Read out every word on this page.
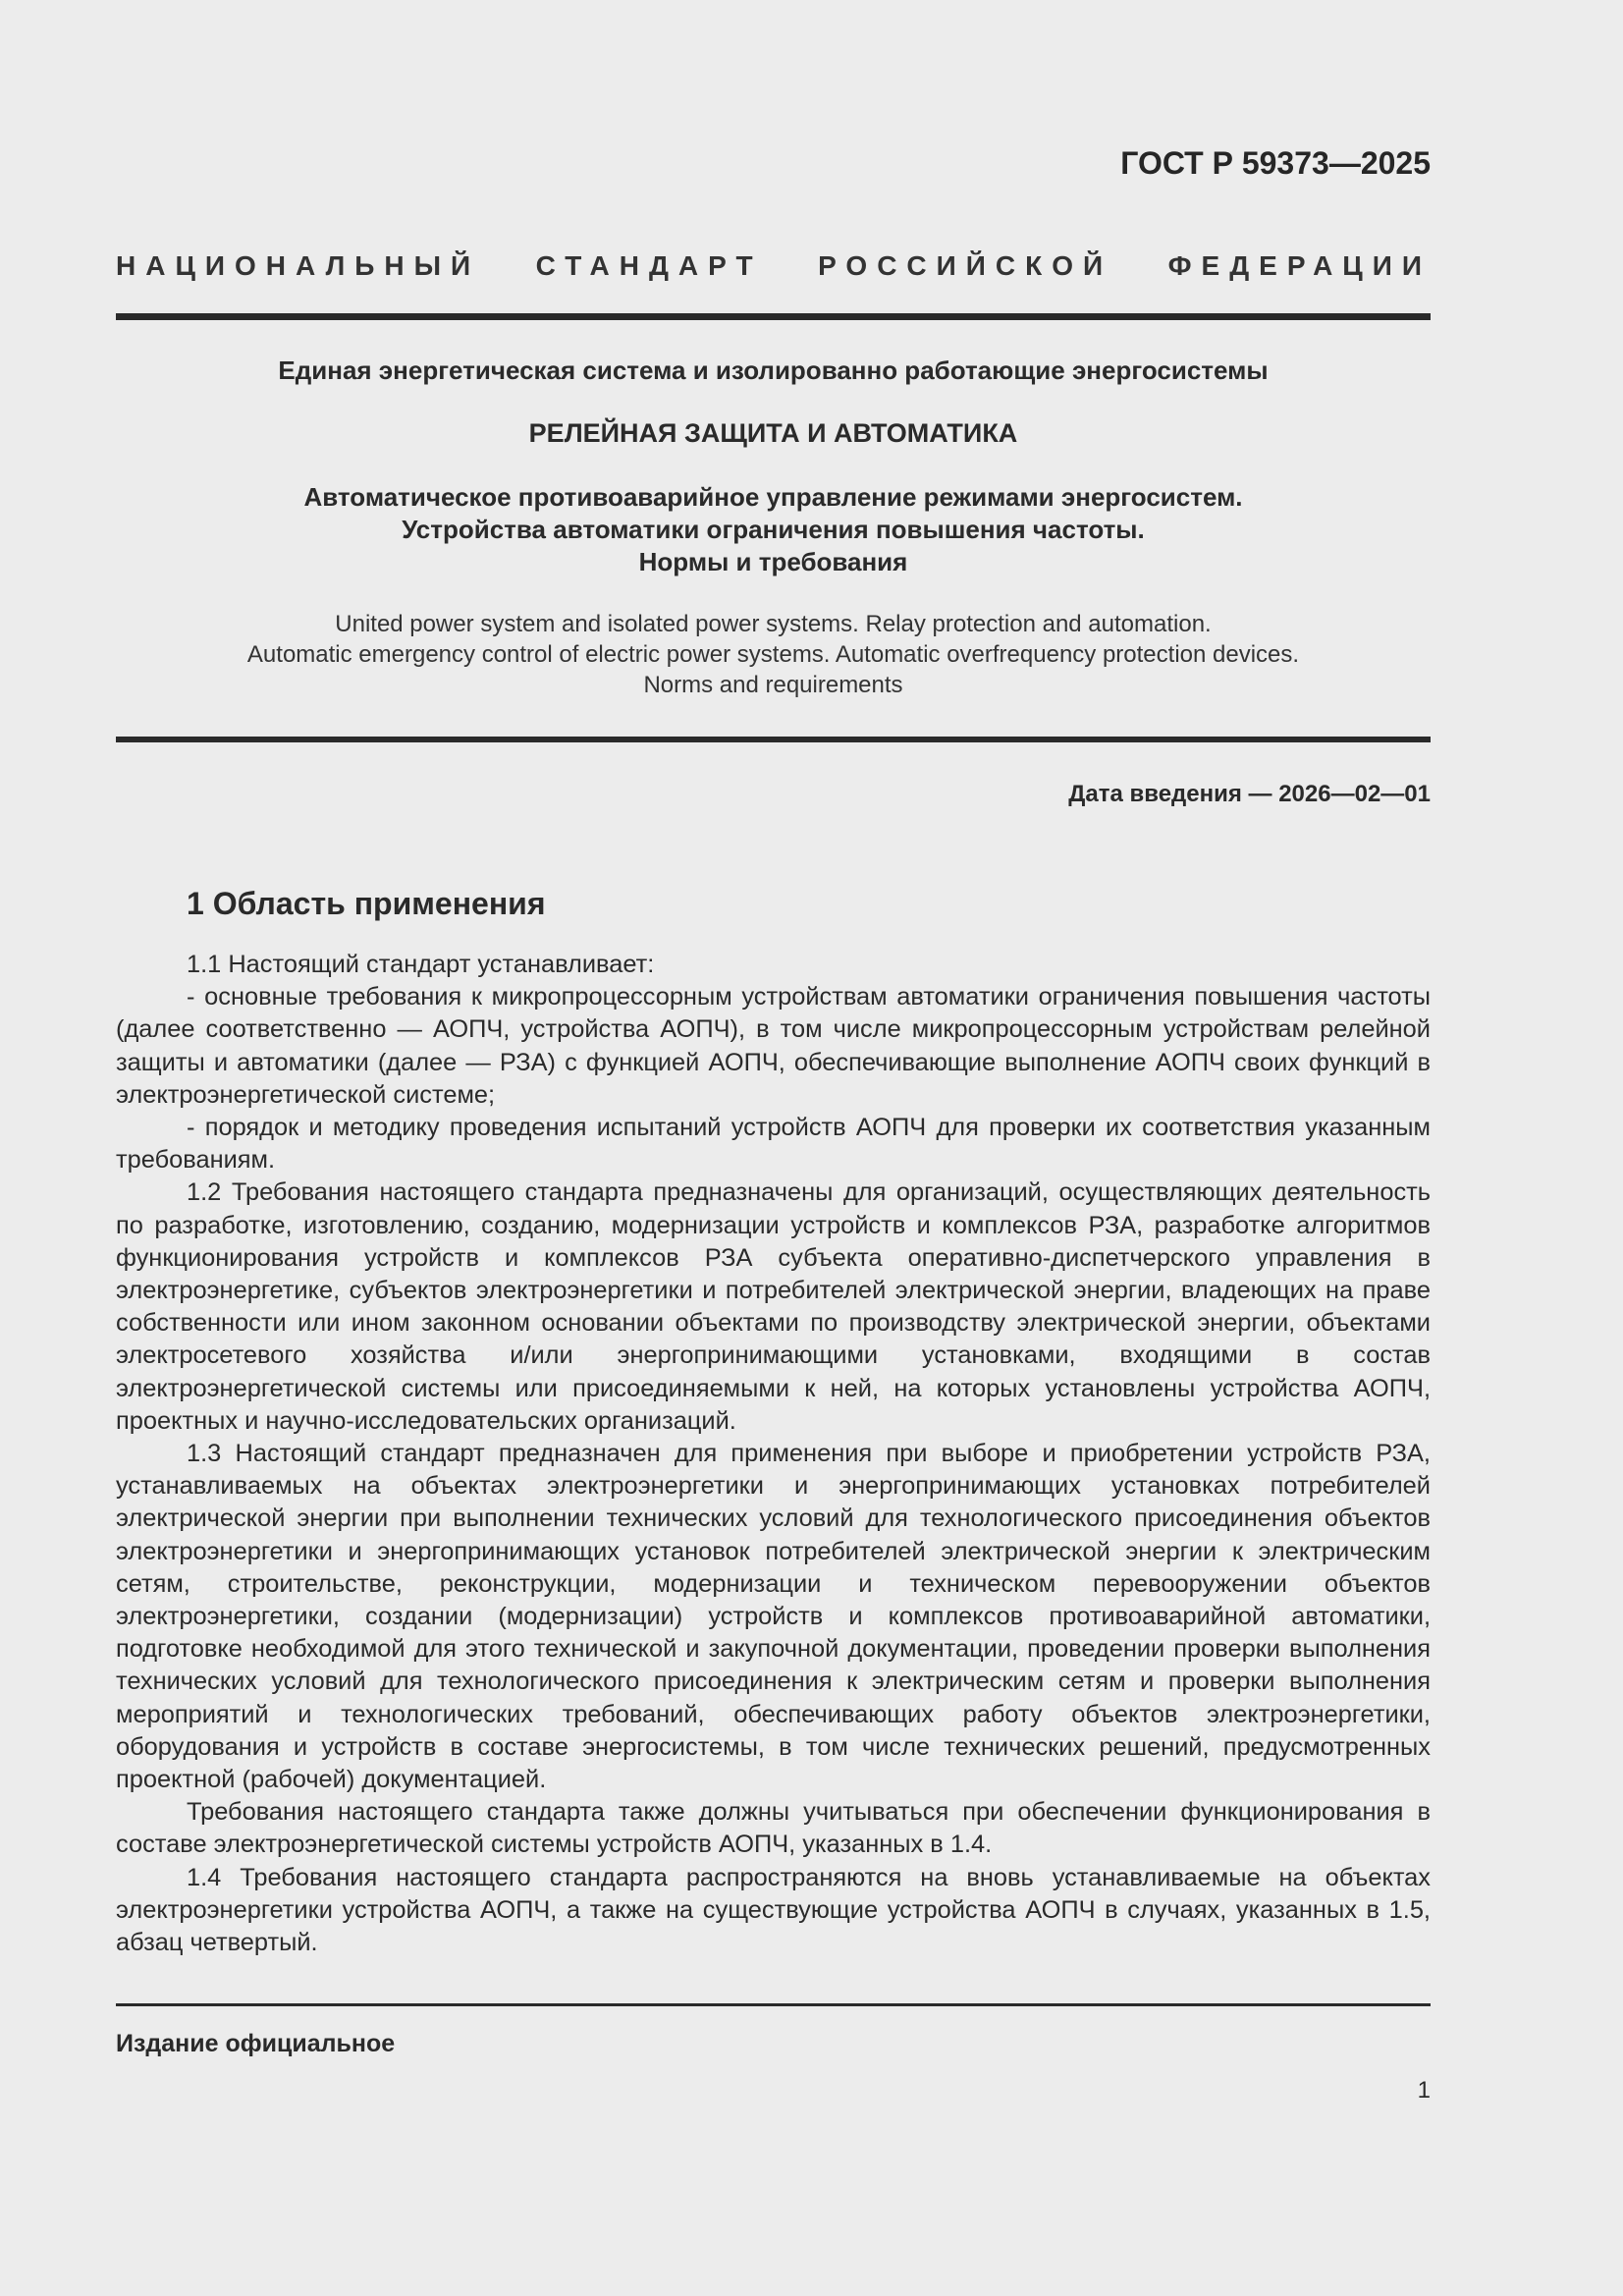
ГОСТ Р 59373—2025
НАЦИОНАЛЬНЫЙ СТАНДАРТ РОССИЙСКОЙ ФЕДЕРАЦИИ
Единая энергетическая система и изолированно работающие энергосистемы
РЕЛЕЙНАЯ ЗАЩИТА И АВТОМАТИКА
Автоматическое противоаварийное управление режимами энергосистем.
Устройства автоматики ограничения повышения частоты.
Нормы и требования
United power system and isolated power systems. Relay protection and automation.
Automatic emergency control of electric power systems. Automatic overfrequency protection devices.
Norms and requirements
Дата введения — 2026—02—01
1 Область применения

1.1 Настоящий стандарт устанавливает:

- основные требования к микропроцессорным устройствам автоматики ограничения повышения частоты (далее соответственно — АОПЧ, устройства АОПЧ), в том числе микропроцессорным устройствам релейной защиты и автоматики (далее — РЗА) с функцией АОПЧ, обеспечивающие выполнение АОПЧ своих функций в электроэнергетической системе;

- порядок и методику проведения испытаний устройств АОПЧ для проверки их соответствия указанным требованиям.

1.2 Требования настоящего стандарта предназначены для организаций, осуществляющих деятельность по разработке, изготовлению, созданию, модернизации устройств и комплексов РЗА, разработке алгоритмов функционирования устройств и комплексов РЗА субъекта оперативно-диспетчерского управления в электроэнергетике, субъектов электроэнергетики и потребителей электрической энергии, владеющих на праве собственности или ином законном основании объектами по производству электрической энергии, объектами электросетевого хозяйства и/или энергопринимающими установками, входящими в состав электроэнергетической системы или присоединяемыми к ней, на которых установлены устройства АОПЧ, проектных и научно-исследовательских организаций.

1.3 Настоящий стандарт предназначен для применения при выборе и приобретении устройств РЗА, устанавливаемых на объектах электроэнергетики и энергопринимающих установках потребителей электрической энергии при выполнении технических условий для технологического присоединения объектов электроэнергетики и энергопринимающих установок потребителей электрической энергии к электрическим сетям, строительстве, реконструкции, модернизации и техническом перевооружении объектов электроэнергетики, создании (модернизации) устройств и комплексов противоаварийной автоматики, подготовке необходимой для этого технической и закупочной документации, проведении проверки выполнения технических условий для технологического присоединения к электрическим сетям и проверки выполнения мероприятий и технологических требований, обеспечивающих работу объектов электроэнергетики, оборудования и устройств в составе энергосистемы, в том числе технических решений, предусмотренных проектной (рабочей) документацией.

Требования настоящего стандарта также должны учитываться при обеспечении функционирования в составе электроэнергетической системы устройств АОПЧ, указанных в 1.4.

1.4 Требования настоящего стандарта распространяются на вновь устанавливаемые на объектах электроэнергетики устройства АОПЧ, а также на существующие устройства АОПЧ в случаях, указанных в 1.5, абзац четвертый.

Издание официальное
1
